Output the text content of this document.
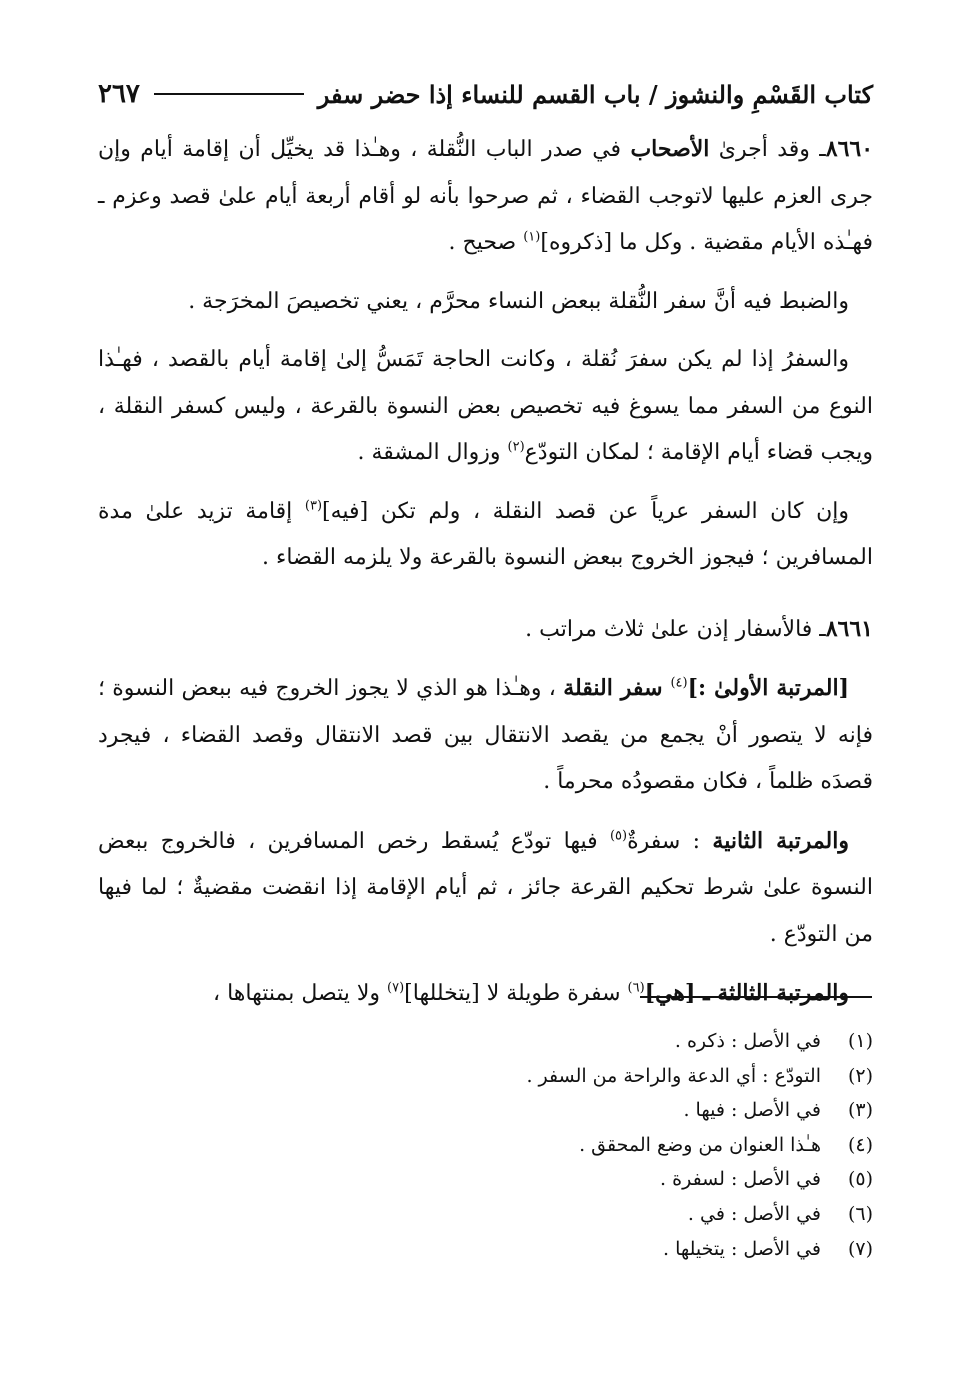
كتاب القَسْمِ والنشوز / باب القسم للنساء إذا حضر سفر
٢٦٧

٨٦٦٠ـ وقد أجرىٰ الأصحاب في صدر الباب النُّقلة ، وهـٰذا قد يخيِّل أن إقامة أيام وإن جرى العزم عليها لاتوجب القضاء ، ثم صرحوا بأنه لو أقام أربعة أيام علىٰ قصد وعزم ـ فهـٰذه الأيام مقضية . وكل ما [ذكروه]$^{(١)}$ صحيح .

والضبط فيه أنَّ سفر النُّقلة ببعض النساء محرَّم ، يعني تخصيصَ المخرَجة .

والسفرُ إذا لم يكن سفرَ نُقلة ، وكانت الحاجة تَمَسُّ إلىٰ إقامة أيام بالقصد ، فهـٰذا النوع من السفر مما يسوغ فيه تخصيص بعض النسوة بالقرعة ، وليس كسفر النقلة ، ويجب قضاء أيام الإقامة ؛ لمكان التودّع$^{(٢)}$ وزوال المشقة .

وإن كان السفر عرياً عن قصد النقلة ، ولم تكن [فيه]$^{(٣)}$ إقامة تزيد علىٰ مدة المسافرين ؛ فيجوز الخروج ببعض النسوة بالقرعة ولا يلزمه القضاء .

٨٦٦١ـ فالأسفار إذن علىٰ ثلاث مراتب .

[المرتبة الأولىٰ :]$^{(٤)}$ سفر النقلة ، وهـٰذا هو الذي لا يجوز الخروج فيه ببعض النسوة ؛ فإنه لا يتصور أنْ يجمع من يقصد الانتقال بين قصد الانتقال وقصد القضاء ، فيجرد قصدَه ظلماً ، فكان مقصودُه محرماً .

والمرتبة الثانية : سفرةٌ$^{(٥)}$ فيها تودّع يُسقط رخص المسافرين ، فالخروج ببعض النسوة علىٰ شرط تحكيم القرعة جائز ، ثم أيام الإقامة إذا انقضت مقضيةٌ ؛ لما فيها من التودّع .

والمرتبة الثالثة ـ [هي]$^{(٦)}$ سفرة طويلة لا [يتخللها]$^{(٧)}$ ولا يتصل بمنتهاها ،

(١)
في الأصل : ذكره .
(٢)
التودّع : أي الدعة والراحة من السفر .
(٣)
في الأصل : فيها .
(٤)
هـٰذا العنوان من وضع المحقق .
(٥)
في الأصل : لسفرة .
(٦)
في الأصل : في .
(٧)
في الأصل : يتخيلها .
